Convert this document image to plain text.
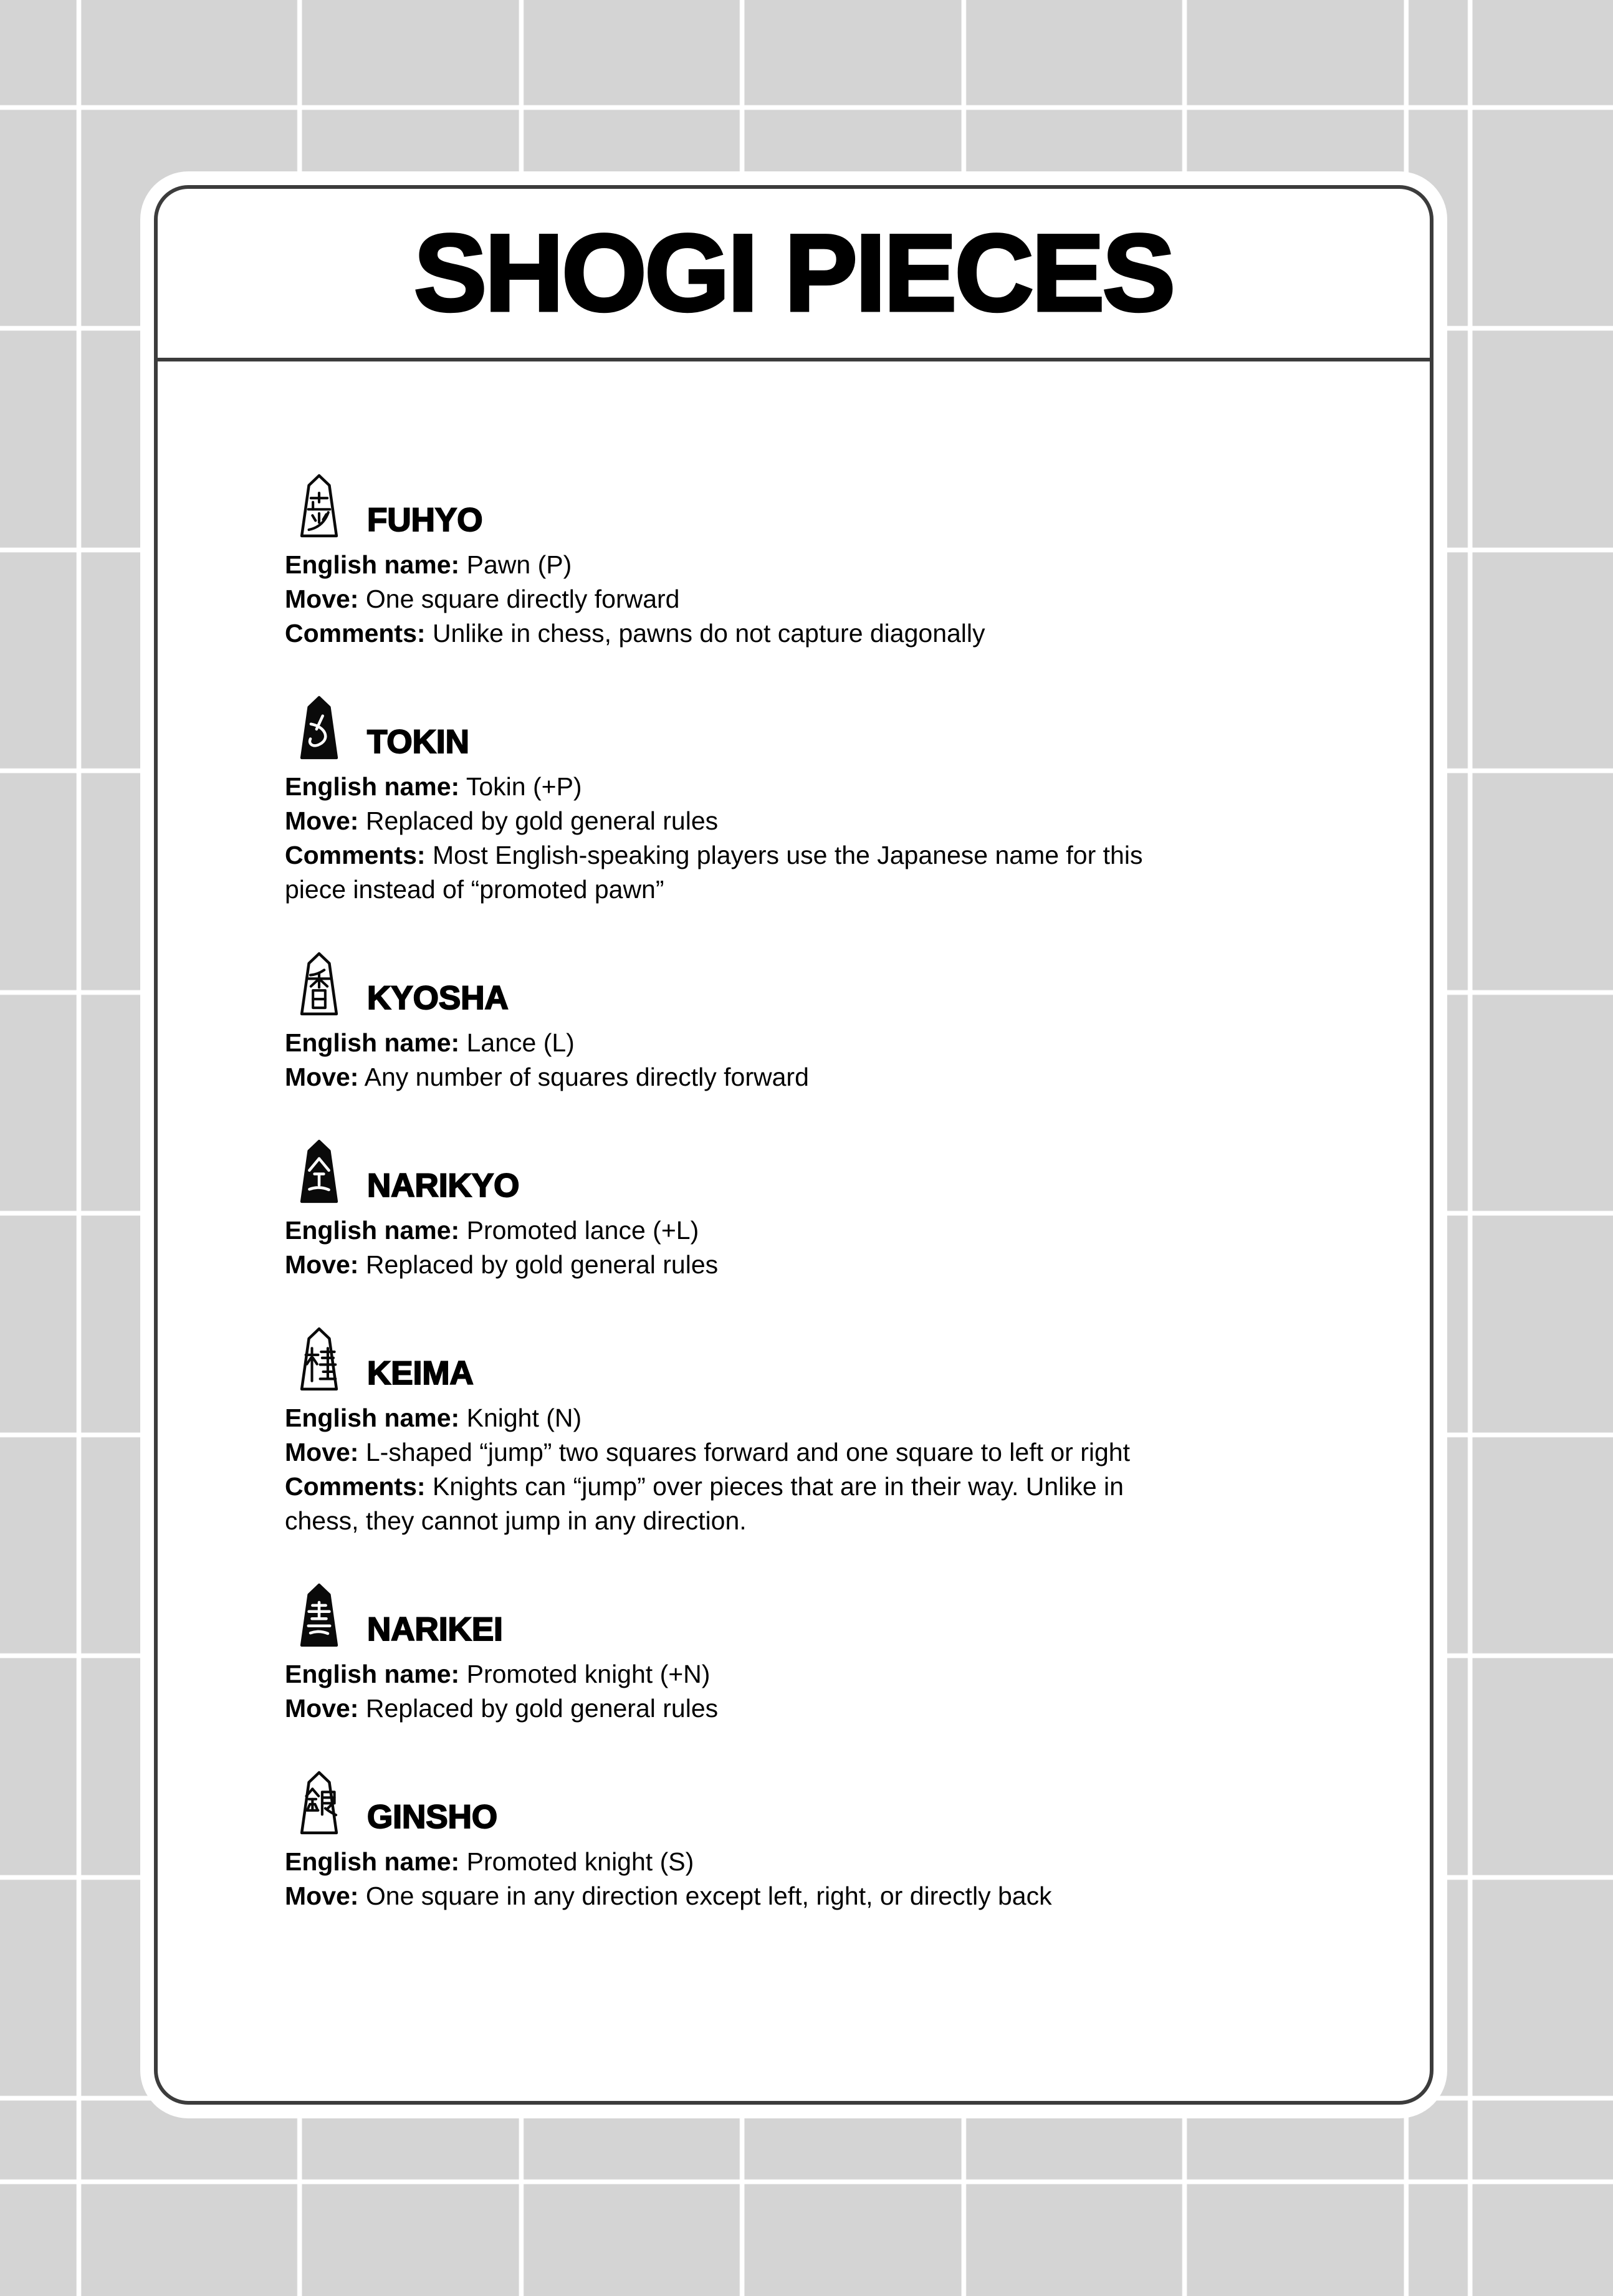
SHOGI PIECES
FUHYO

English name: Pawn (P)

Move: One square directly forward

Comments: Unlike in chess, pawns do not capture diagonally

TOKIN

English name: Tokin (+P)

Move: Replaced by gold general rules

Comments: Most English-speaking players use the Japanese name for this piece instead of “promoted pawn”

KYOSHA

English name: Lance (L)

Move: Any number of squares directly forward

NARIKYO

English name: Promoted lance (+L)

Move: Replaced by gold general rules

KEIMA

English name: Knight (N)

Move: L-shaped “jump” two squares forward and one square to left or right

Comments: Knights can “jump” over pieces that are in their way. Unlike in chess, they cannot jump in any direction.

NARIKEI

English name: Promoted knight (+N)

Move: Replaced by gold general rules

GINSHO

English name: Promoted knight (S)

Move: One square in any direction except left, right, or directly back
